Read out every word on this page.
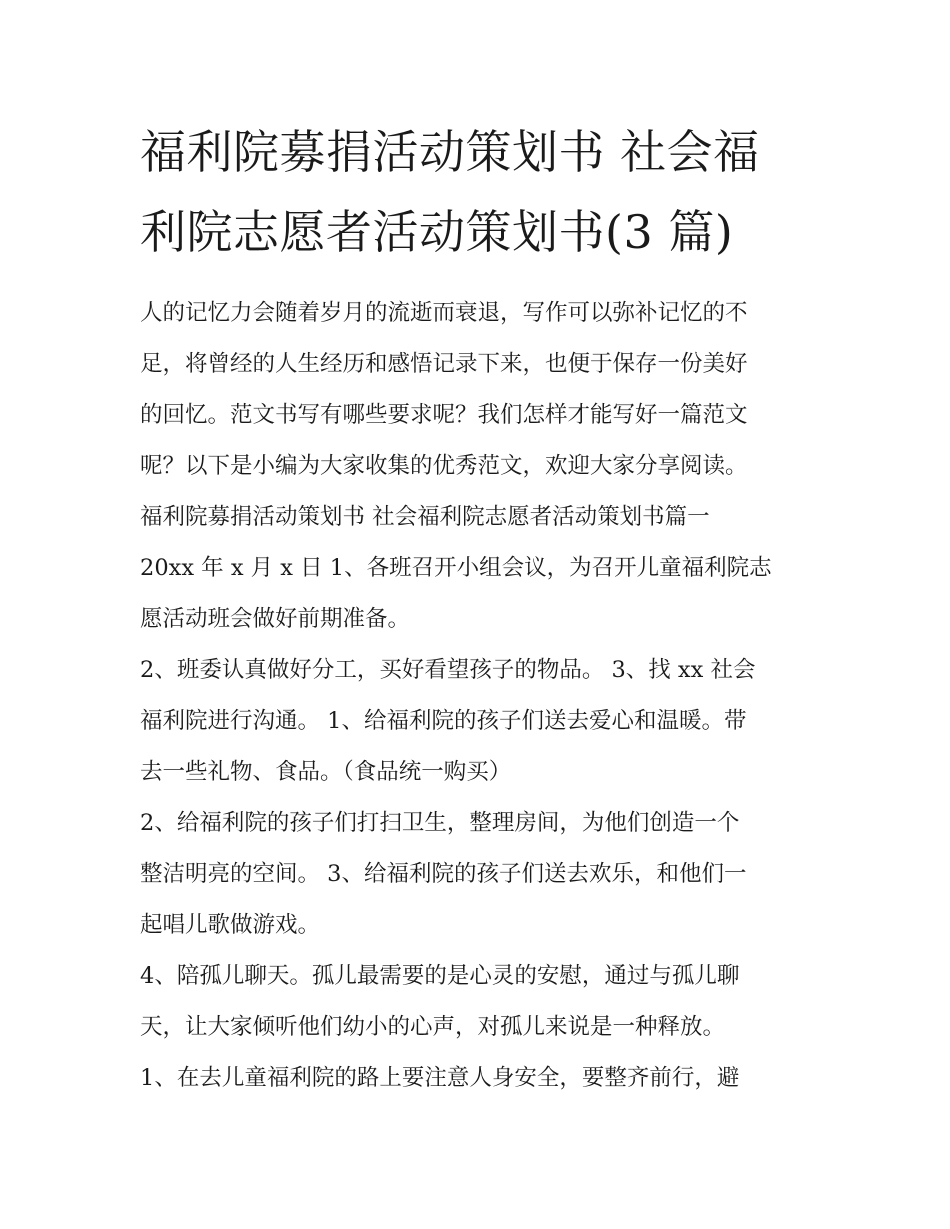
福利院募捐活动策划书 社会福
利院志愿者活动策划书(3 篇)
人的记忆力会随着岁月的流逝而衰退，写作可以弥补记忆的不
足，将曾经的人生经历和感悟记录下来，也便于保存一份美好
的回忆。范文书写有哪些要求呢？我们怎样才能写好一篇范文
呢？以下是小编为大家收集的优秀范文，欢迎大家分享阅读。
福利院募捐活动策划书 社会福利院志愿者活动策划书篇一
20xx 年 x 月 x 日 1、各班召开小组会议，为召开儿童福利院志
愿活动班会做好前期准备。
2、班委认真做好分工，买好看望孩子的物品。 3、找 xx 社会
福利院进行沟通。 1、给福利院的孩子们送去爱心和温暖。带
去一些礼物、食品。（食品统一购买）
2、给福利院的孩子们打扫卫生，整理房间，为他们创造一个
整洁明亮的空间。 3、给福利院的孩子们送去欢乐，和他们一
起唱儿歌做游戏。
4、陪孤儿聊天。孤儿最需要的是心灵的安慰，通过与孤儿聊
天，让大家倾听他们幼小的心声，对孤儿来说是一种释放。
1、在去儿童福利院的路上要注意人身安全，要整齐前行，避
